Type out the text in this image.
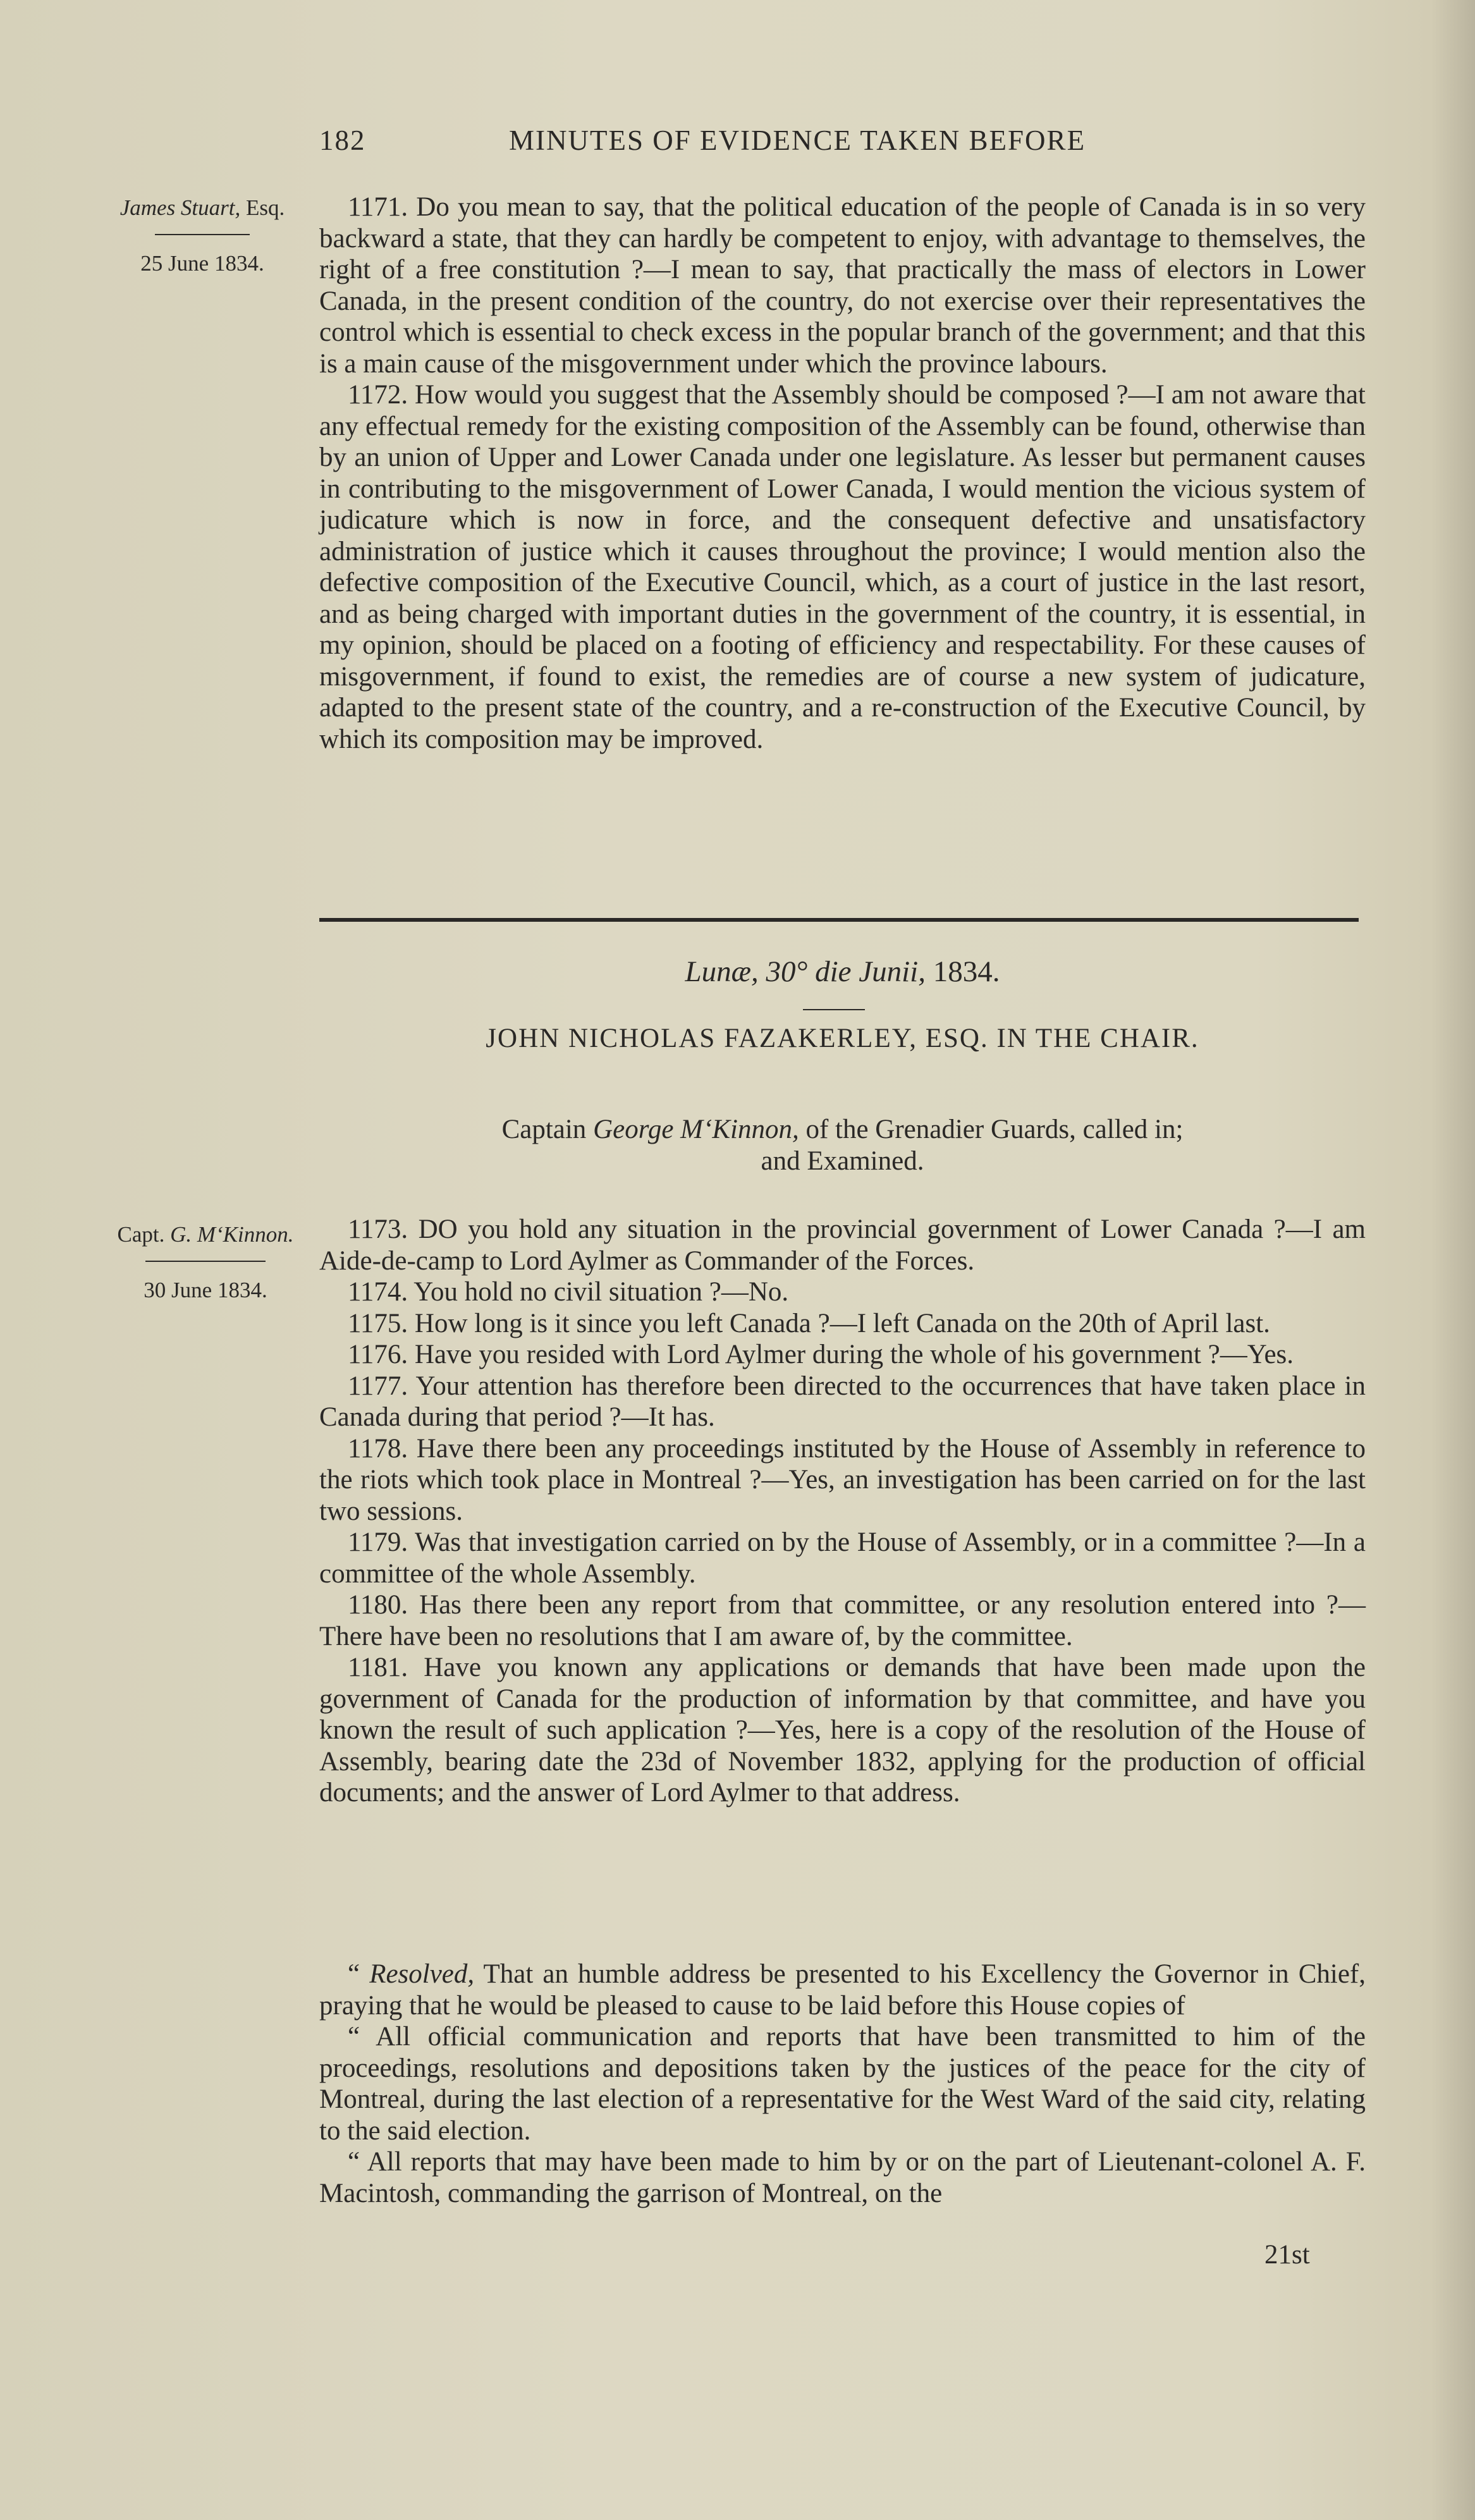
182	MINUTES OF EVIDENCE TAKEN BEFORE
James Stuart, Esq.
25 June 1834.

1171. Do you mean to say, that the political education of the people of Canada is in so very backward a state, that they can hardly be competent to enjoy, with advantage to themselves, the right of a free constitution ?—I mean to say, that practically the mass of electors in Lower Canada, in the present condition of the country, do not exercise over their representatives the control which is essential to check excess in the popular branch of the government; and that this is a main cause of the misgovernment under which the province labours.

1172. How would you suggest that the Assembly should be composed ?—I am not aware that any effectual remedy for the existing composition of the Assembly can be found, otherwise than by an union of Upper and Lower Canada under one legislature. As lesser but permanent causes in contributing to the misgovernment of Lower Canada, I would mention the vicious system of judicature which is now in force, and the consequent defective and unsatisfactory administration of justice which it causes throughout the province; I would mention also the defective composition of the Executive Council, which, as a court of justice in the last resort, and as being charged with important duties in the government of the country, it is essential, in my opinion, should be placed on a footing of efficiency and respectability. For these causes of misgovernment, if found to exist, the remedies are of course a new system of judicature, adapted to the present state of the country, and a re-construction of the Executive Council, by which its composition may be improved.

Lunæ, 30° die Junii, 1834.
JOHN NICHOLAS FAZAKERLEY, ESQ. IN THE CHAIR.
Captain George M‘Kinnon, of the Grenadier Guards, called in;
and Examined.
Capt. G. M‘Kinnon.
30 June 1834.

1173. DO you hold any situation in the provincial government of Lower Canada ?—I am Aide-de-camp to Lord Aylmer as Commander of the Forces.

1174. You hold no civil situation ?—No.

1175. How long is it since you left Canada ?—I left Canada on the 20th of April last.

1176. Have you resided with Lord Aylmer during the whole of his government ?—Yes.

1177. Your attention has therefore been directed to the occurrences that have taken place in Canada during that period ?—It has.

1178. Have there been any proceedings instituted by the House of Assembly in reference to the riots which took place in Montreal ?—Yes, an investigation has been carried on for the last two sessions.

1179. Was that investigation carried on by the House of Assembly, or in a committee ?—In a committee of the whole Assembly.

1180. Has there been any report from that committee, or any resolution entered into ?—There have been no resolutions that I am aware of, by the committee.

1181. Have you known any applications or demands that have been made upon the government of Canada for the production of information by that committee, and have you known the result of such application ?—Yes, here is a copy of the resolution of the House of Assembly, bearing date the 23d of November 1832, applying for the production of official documents; and the answer of Lord Aylmer to that address.

“ Resolved, That an humble address be presented to his Excellency the Governor in Chief, praying that he would be pleased to cause to be laid before this House copies of

“ All official communication and reports that have been transmitted to him of the proceedings, resolutions and depositions taken by the justices of the peace for the city of Montreal, during the last election of a representative for the West Ward of the said city, relating to the said election.

“ All reports that may have been made to him by or on the part of Lieutenant-colonel A. F. Macintosh, commanding the garrison of Montreal, on the

21st
